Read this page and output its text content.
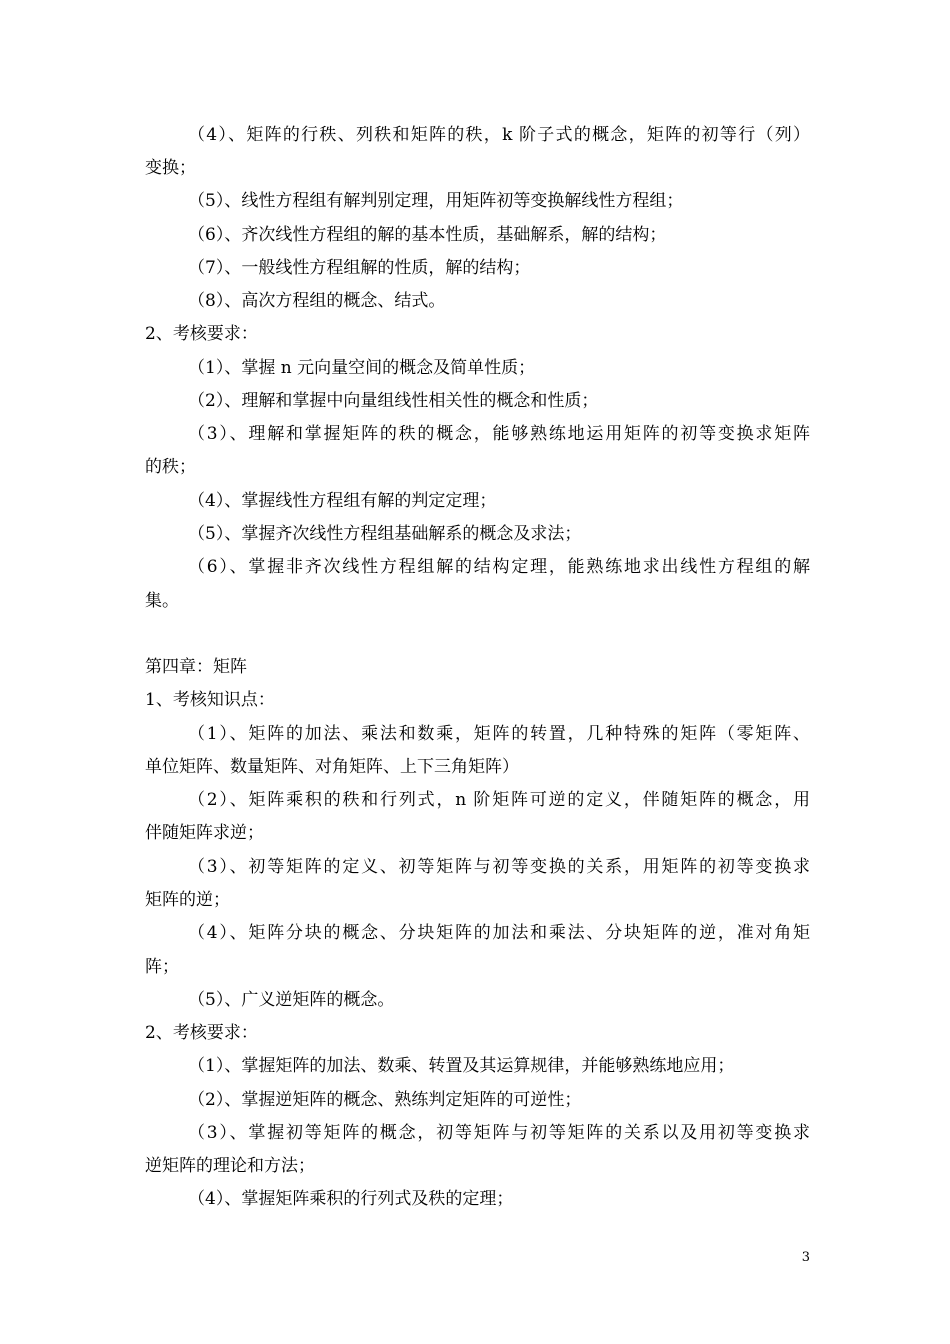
（4）、矩阵的行秩、列秩和矩阵的秩，k 阶子式的概念，矩阵的初等行（列）
变换；
（5）、线性方程组有解判别定理，用矩阵初等变换解线性方程组；
（6）、齐次线性方程组的解的基本性质，基础解系，解的结构；
（7）、一般线性方程组解的性质，解的结构；
（8）、高次方程组的概念、结式。
2、考核要求：
（1）、掌握 n 元向量空间的概念及简单性质；
（2）、理解和掌握中向量组线性相关性的概念和性质；
（3）、理解和掌握矩阵的秩的概念，能够熟练地运用矩阵的初等变换求矩阵
的秩；
（4）、掌握线性方程组有解的判定定理；
（5）、掌握齐次线性方程组基础解系的概念及求法；
（6）、掌握非齐次线性方程组解的结构定理，能熟练地求出线性方程组的解
集。
第四章：矩阵
1、考核知识点：
（1）、矩阵的加法、乘法和数乘，矩阵的转置，几种特殊的矩阵（零矩阵、
单位矩阵、数量矩阵、对角矩阵、上下三角矩阵）
（2）、矩阵乘积的秩和行列式，n 阶矩阵可逆的定义，伴随矩阵的概念，用
伴随矩阵求逆；
（3）、初等矩阵的定义、初等矩阵与初等变换的关系，用矩阵的初等变换求
矩阵的逆；
（4）、矩阵分块的概念、分块矩阵的加法和乘法、分块矩阵的逆，准对角矩
阵；
（5）、广义逆矩阵的概念。
2、考核要求：
（1）、掌握矩阵的加法、数乘、转置及其运算规律，并能够熟练地应用；
（2）、掌握逆矩阵的概念、熟练判定矩阵的可逆性；
（3）、掌握初等矩阵的概念，初等矩阵与初等矩阵的关系以及用初等变换求
逆矩阵的理论和方法；
（4）、掌握矩阵乘积的行列式及秩的定理；
3
